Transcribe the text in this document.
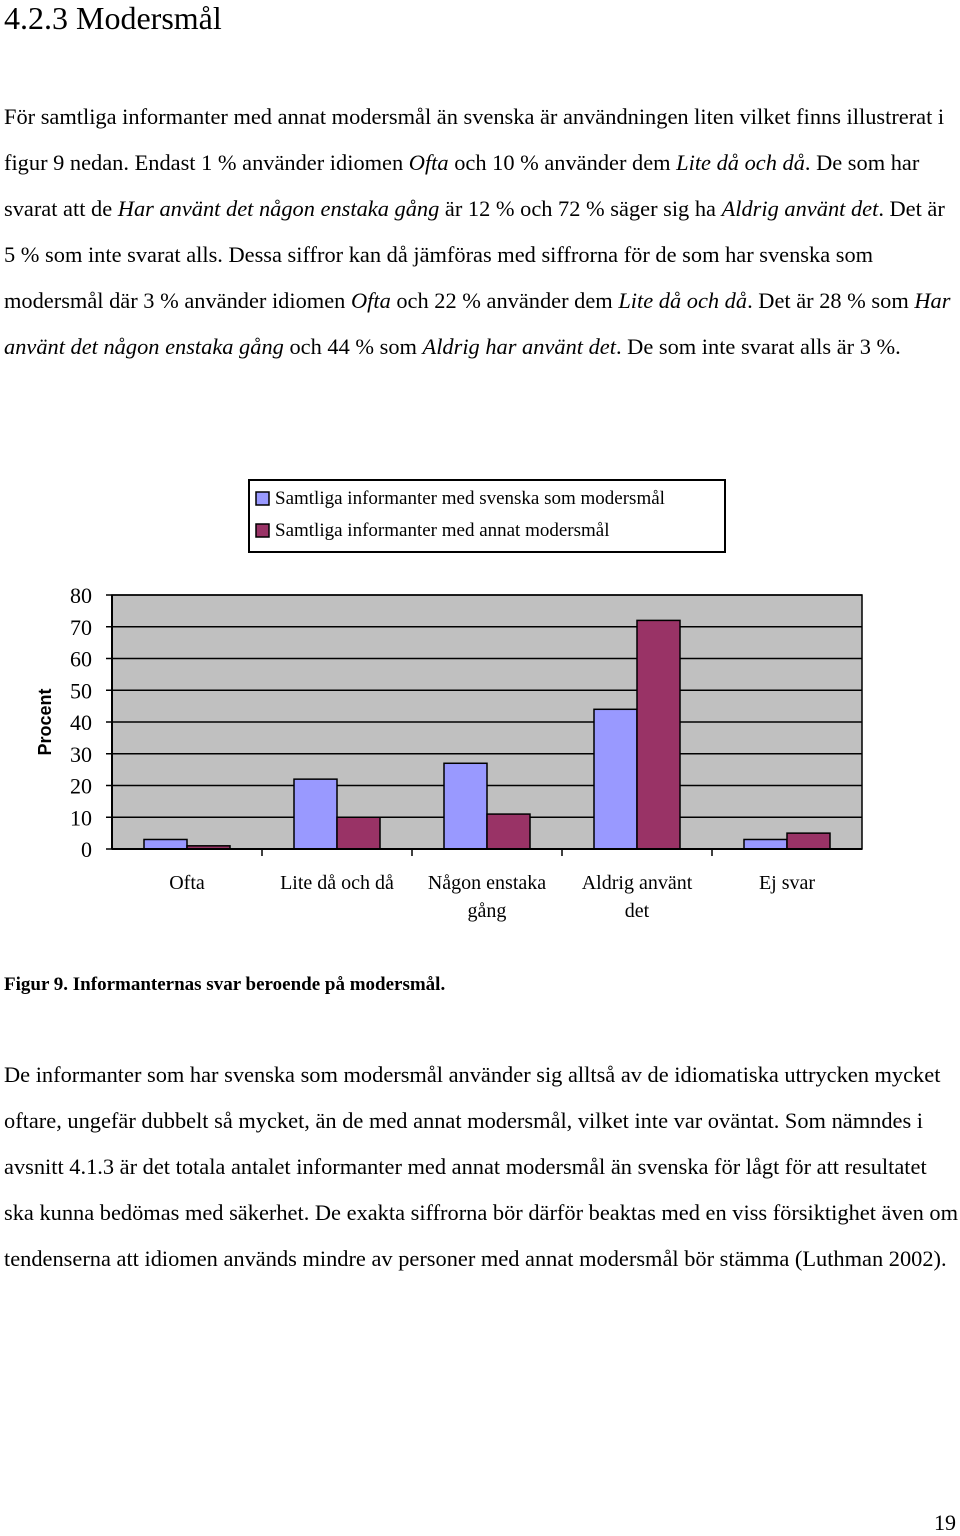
4.2.3 Modersmål

För samtliga informanter med annat modersmål än svenska är användningen liten vilket finns illustrerat i figur 9 nedan. Endast 1 % använder idiomen Ofta och 10 % använder dem Lite då och då. De som har svarat att de Har använt det någon enstaka gång är 12 % och 72 % säger sig ha Aldrig använt det. Det är 5 % som inte svarat alls. Dessa siffror kan då jämföras med siffrorna för de som har svenska som modersmål där 3 % använder idiomen Ofta och 22 % använder dem Lite då och då. Det är 28 % som Har använt det någon enstaka gång och 44 % som Aldrig har använt det. De som inte svarat alls är 3 %.

Samtliga informanter med svenska som modersmål
Samtliga informanter med annat modersmål
0
10
20
30
40
50
60
70
80
Ofta	Lite då och då Någon enstaka gång
Aldrig använt det
Ej svar
Procent
Figur 9. Informanternas svar beroende på modersmål.

De informanter som har svenska som modersmål använder sig alltså av de idiomatiska uttrycken mycket oftare, ungefär dubbelt så mycket, än de med annat modersmål, vilket inte var oväntat. Som nämndes i avsnitt 4.1.3 är det totala antalet informanter med annat modersmål än svenska för lågt för att resultatet ska kunna bedömas med säkerhet. De exakta siffrorna bör därför beaktas med en viss försiktighet även om tendenserna att idiomen används mindre av personer med annat modersmål bör stämma (Luthman 2002).

19
